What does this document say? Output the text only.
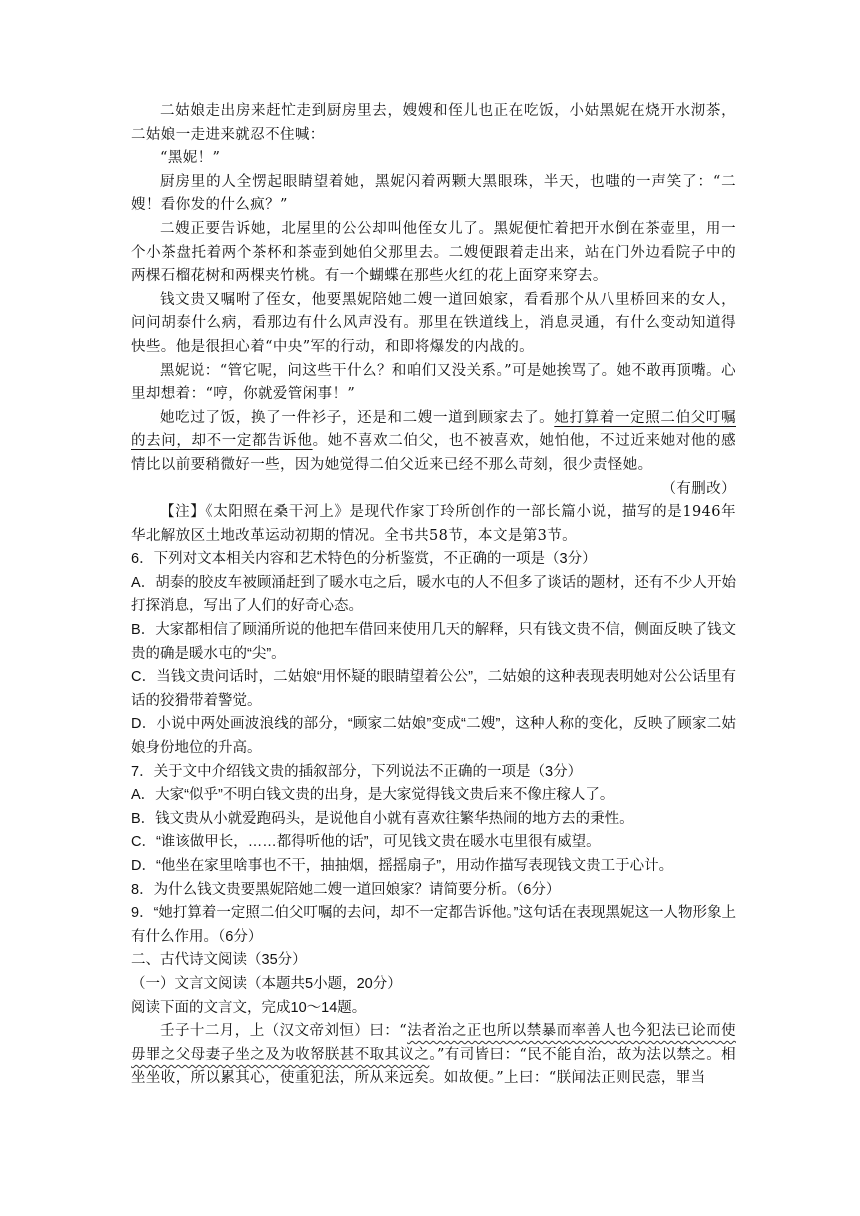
二姑娘走出房来赶忙走到厨房里去，嫂嫂和侄儿也正在吃饭，小姑黑妮在烧开水沏茶，二姑娘一走进来就忍不住喊：

“黑妮！”

厨房里的人全愣起眼睛望着她，黑妮闪着两颗大黑眼珠，半天，也嗤的一声笑了：“二嫂！看你发的什么疯？”

二嫂正要告诉她，北屋里的公公却叫他侄女儿了。黑妮便忙着把开水倒在茶壶里，用一个小茶盘托着两个茶杯和茶壶到她伯父那里去。二嫂便跟着走出来，站在门外边看院子中的两棵石榴花树和两棵夹竹桃。有一个蝴蝶在那些火红的花上面穿来穿去。

钱文贵又嘱咐了侄女，他要黑妮陪她二嫂一道回娘家，看看那个从八里桥回来的女人，问问胡泰什么病，看那边有什么风声没有。那里在铁道线上，消息灵通，有什么变动知道得快些。他是很担心着“中央”军的行动，和即将爆发的内战的。

黑妮说：“管它呢，问这些干什么？和咱们又没关系。”可是她挨骂了。她不敢再顶嘴。心里却想着：“哼，你就爱管闲事！”

她吃过了饭，换了一件衫子，还是和二嫂一道到顾家去了。她打算着一定照二伯父叮嘱的去问，却不一定都告诉他。她不喜欢二伯父，也不被喜欢，她怕他，不过近来她对他的感情比以前要稍微好一些，因为她觉得二伯父近来已经不那么苛刻，很少责怪她。

（有删改）

【注】《太阳照在桑干河上》是现代作家丁玲所创作的一部长篇小说，描写的是1946年华北解放区土地改革运动初期的情况。全书共58节，本文是第3节。

6．下列对文本相关内容和艺术特色的分析鉴赏，不正确的一项是（3分）

A．胡泰的胶皮车被顾涌赶到了暖水屯之后，暖水屯的人不但多了谈话的题材，还有不少人开始打探消息，写出了人们的好奇心态。

B．大家都相信了顾涌所说的他把车借回来使用几天的解释，只有钱文贵不信，侧面反映了钱文贵的确是暖水屯的“尖”。

C．当钱文贵问话时，二姑娘“用怀疑的眼睛望着公公”，二姑娘的这种表现表明她对公公话里有话的狡猾带着警觉。

D．小说中两处画波浪线的部分，“顾家二姑娘”变成“二嫂”，这种人称的变化，反映了顾家二姑娘身份地位的升高。

7．关于文中介绍钱文贵的插叙部分，下列说法不正确的一项是（3分）

A．大家“似乎”不明白钱文贵的出身，是大家觉得钱文贵后来不像庄稼人了。

B．钱文贵从小就爱跑码头，是说他自小就有喜欢往繁华热闹的地方去的秉性。

C．“谁该做甲长，……都得听他的话”，可见钱文贵在暖水屯里很有威望。

D．“他坐在家里啥事也不干，抽抽烟，摇摇扇子”，用动作描写表现钱文贵工于心计。

8．为什么钱文贵要黑妮陪她二嫂一道回娘家？请简要分析。（6分）

9．“她打算着一定照二伯父叮嘱的去问，却不一定都告诉他。”这句话在表现黑妮这一人物形象上有什么作用。（6分）

二、古代诗文阅读（35分）

（一）文言文阅读（本题共5小题，20分）

阅读下面的文言文，完成10～14题。

壬子十二月，上（汉文帝刘恒）曰：“法者治之正也所以禁暴而率善人也今犯法已论而使毋罪之父母妻子坐之及为收帑朕甚不取其议之。”有司皆曰：“民不能自治，故为法以禁之。相坐坐收，所以累其心，使重犯法，所从来远矣。如故便。”上曰：“朕闻法正则民悫，罪当
